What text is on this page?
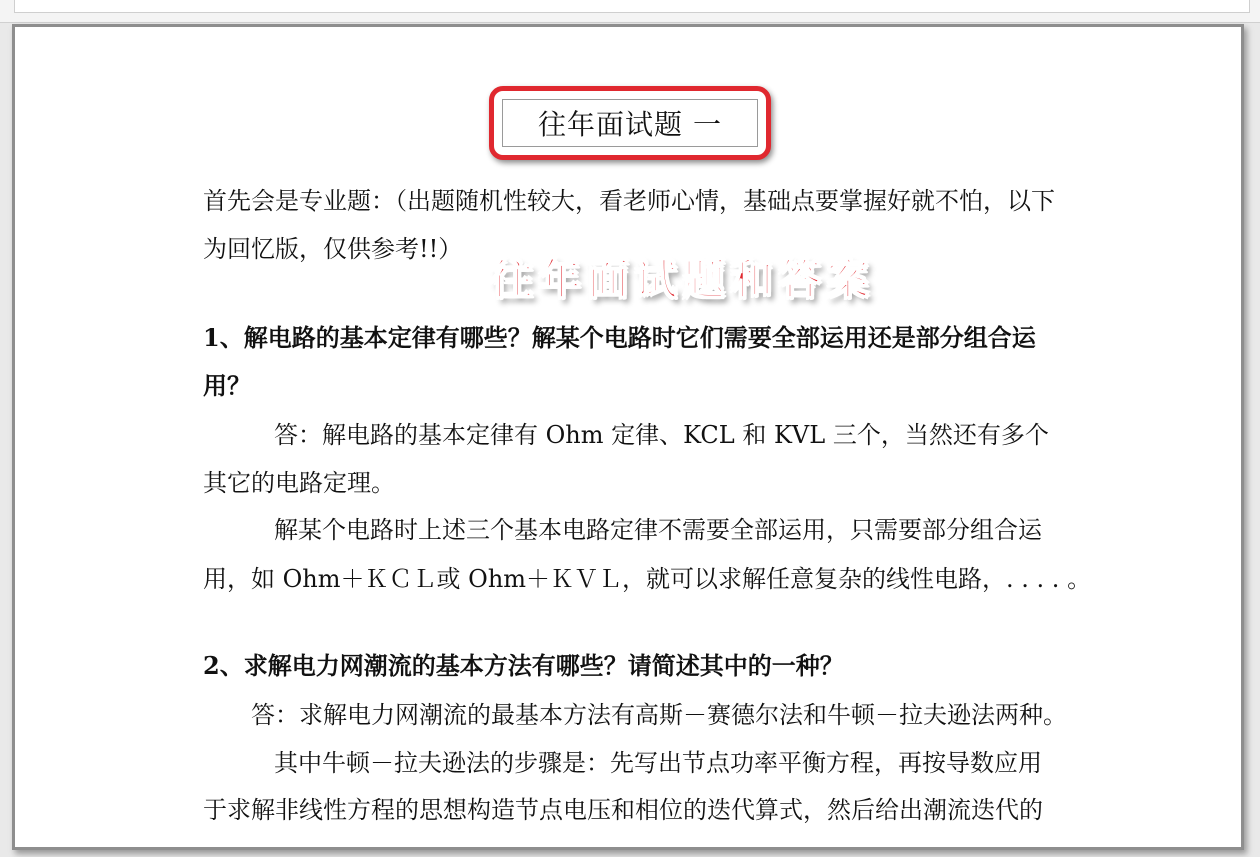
往年面试题 一
首先会是专业题：（出题随机性较大，看老师心情，基础点要掌握好就不怕，以下
为回忆版，仅供参考!!）
往年面试题和答案
1、解电路的基本定律有哪些？解某个电路时它们需要全部运用还是部分组合运
用？
答：解电路的基本定律有 Ohm 定律、KCL 和 KVL 三个，当然还有多个
其它的电路定理。
解某个电路时上述三个基本电路定律不需要全部运用，只需要部分组合运
用，如 Ohm＋ＫＣＬ或 Ohm＋ＫＶＬ，就可以求解任意复杂的线性电路，. . . . 。
2、求解电力网潮流的基本方法有哪些？请简述其中的一种？
答：求解电力网潮流的最基本方法有高斯－赛德尔法和牛顿－拉夫逊法两种。
其中牛顿－拉夫逊法的步骤是：先写出节点功率平衡方程，再按导数应用
于求解非线性方程的思想构造节点电压和相位的迭代算式，然后给出潮流迭代的
